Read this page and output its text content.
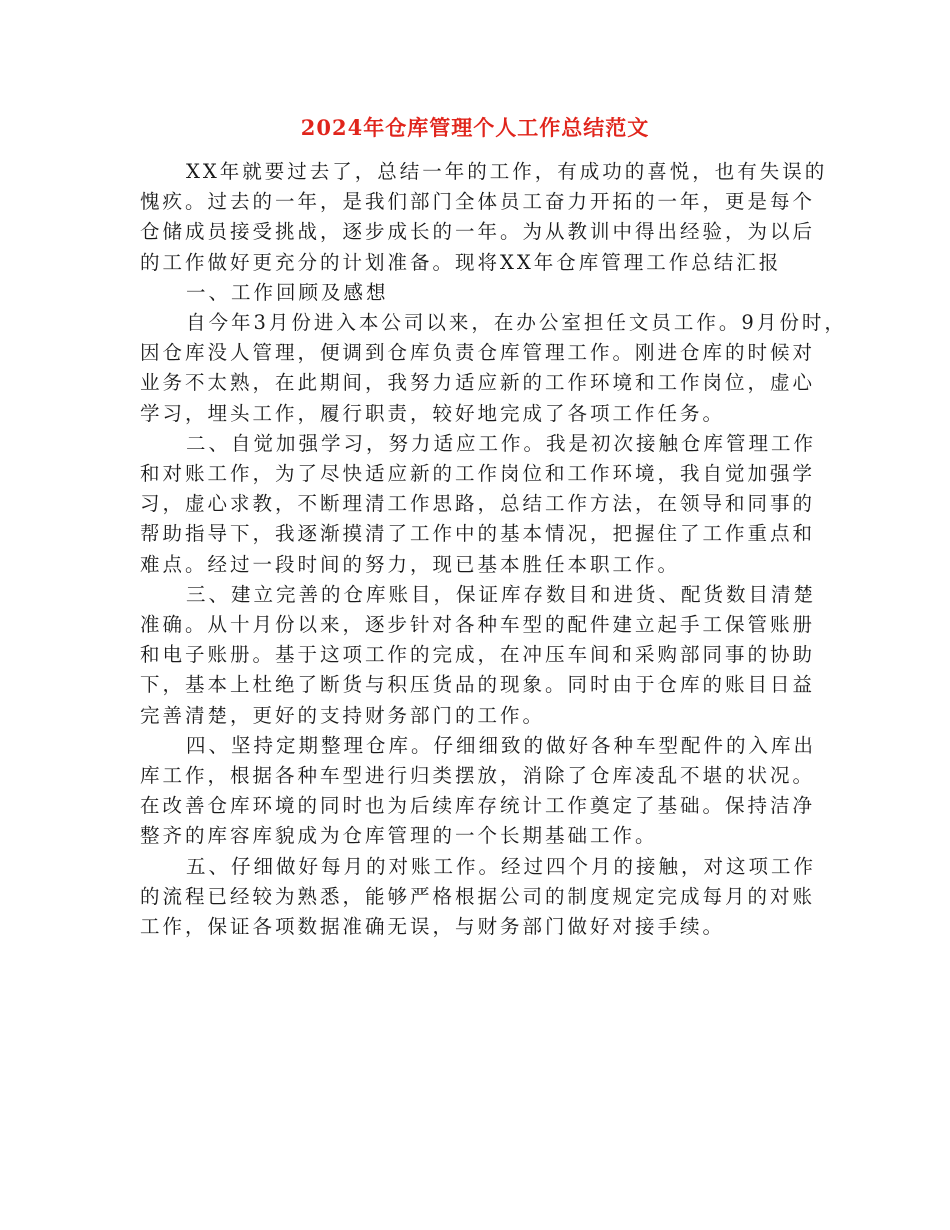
2024年仓库管理个人工作总结范文
XX年就要过去了，总结一年的工作，有成功的喜悦，也有失误的
愧疚。过去的一年，是我们部门全体员工奋力开拓的一年，更是每个
仓储成员接受挑战，逐步成长的一年。为从教训中得出经验，为以后
的工作做好更充分的计划准备。现将XX年仓库管理工作总结汇报
一、工作回顾及感想
自今年3月份进入本公司以来，在办公室担任文员工作。9月份时，
因仓库没人管理，便调到仓库负责仓库管理工作。刚进仓库的时候对
业务不太熟，在此期间，我努力适应新的工作环境和工作岗位，虚心
学习，埋头工作，履行职责，较好地完成了各项工作任务。
二、自觉加强学习，努力适应工作。我是初次接触仓库管理工作
和对账工作，为了尽快适应新的工作岗位和工作环境，我自觉加强学
习，虚心求教，不断理清工作思路，总结工作方法，在领导和同事的
帮助指导下，我逐渐摸清了工作中的基本情况，把握住了工作重点和
难点。经过一段时间的努力，现已基本胜任本职工作。
三、建立完善的仓库账目，保证库存数目和进货、配货数目清楚
准确。从十月份以来，逐步针对各种车型的配件建立起手工保管账册
和电子账册。基于这项工作的完成，在冲压车间和采购部同事的协助
下，基本上杜绝了断货与积压货品的现象。同时由于仓库的账目日益
完善清楚，更好的支持财务部门的工作。
四、坚持定期整理仓库。仔细细致的做好各种车型配件的入库出
库工作，根据各种车型进行归类摆放，消除了仓库凌乱不堪的状况。
在改善仓库环境的同时也为后续库存统计工作奠定了基础。保持洁净
整齐的库容库貌成为仓库管理的一个长期基础工作。
五、仔细做好每月的对账工作。经过四个月的接触，对这项工作
的流程已经较为熟悉，能够严格根据公司的制度规定完成每月的对账
工作，保证各项数据准确无误，与财务部门做好对接手续。
